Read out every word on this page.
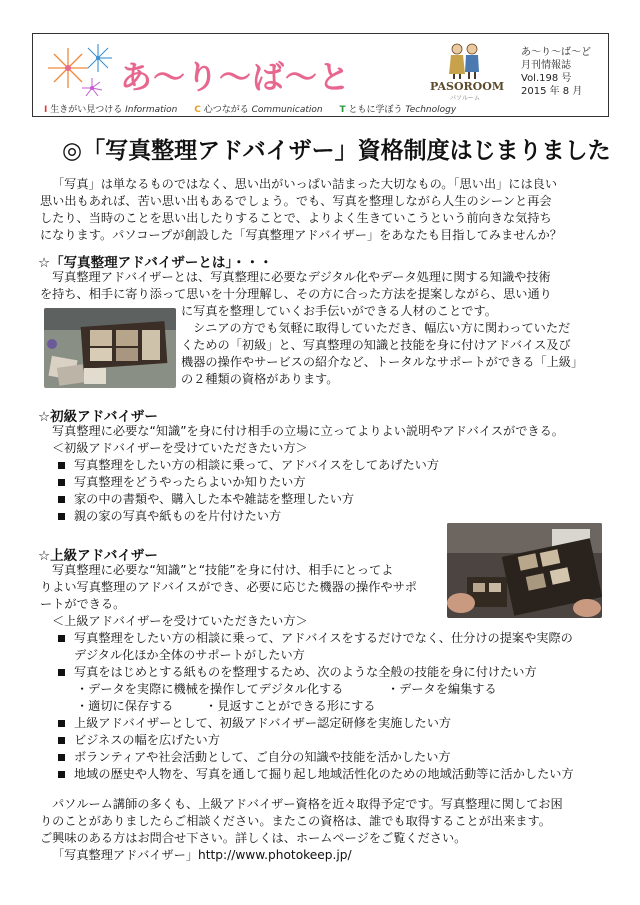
あ〜り〜ば〜と
I 生きがい見つける Information C 心つながる Communication T ともに学ぼう Technology
PASOROOM
パソルーム
あ〜り〜ば〜ど
月刊情報誌
Vol.198 号
2015 年 8 月
◎「写真整理アドバイザー」資格制度はじまりました
「写真」は単なるものではなく、思い出がいっぱい詰まった大切なもの。「思い出」には良い
思い出もあれば、苦い思い出もあるでしょう。でも、写真を整理しながら人生のシーンと再会
したり、当時のことを思い出したりすることで、よりよく生きていこうという前向きな気持ち
になります。パソコープが創設した「写真整理アドバイザー」をあなたも目指してみませんか？
☆「写真整理アドバイザーとは」・・・
写真整理アドバイザーとは、写真整理に必要なデジタル化やデータ処理に関する知識や技術
を持ち、相手に寄り添って思いを十分理解し、その方に合った方法を提案しながら、思い通り
に写真を整理していくお手伝いができる人材のことです。
シニアの方でも気軽に取得していただき、幅広い方に関わっていただ
くための「初級」と、写真整理の知識と技能を身に付けアドバイス及び
機器の操作やサービスの紹介など、トータルなサポートができる「上級」
の２種類の資格があります。
☆初級アドバイザー
写真整理に必要な“知識”を身に付け相手の立場に立ってよりよい説明やアドバイスができる。
＜初級アドバイザーを受けていただきたい方＞
写真整理をしたい方の相談に乗って、アドバイスをしてあげたい方
写真整理をどうやったらよいか知りたい方
家の中の書類や、購入した本や雑誌を整理したい方
親の家の写真や紙ものを片付けたい方
☆上級アドバイザー
写真整理に必要な“知識”と“技能”を身に付け、相手にとってよ
りよい写真整理のアドバイスができ、必要に応じた機器の操作やサポ
ートができる。
＜上級アドバイザーを受けていただきたい方＞
写真整理をしたい方の相談に乗って、アドバイスをするだけでなく、仕分けの提案や実際の
デジタル化ほか全体のサポートがしたい方
写真をはじめとする紙ものを整理するため、次のような全般の技能を身に付けたい方
・データを実際に機械を操作してデジタル化する	・データを編集する
・適切に保存する	・見返すことができる形にする
上級アドバイザーとして、初級アドバイザー認定研修を実施したい方
ビジネスの幅を広げたい方
ボランティアや社会活動として、ご自分の知識や技能を活かしたい方
地域の歴史や人物を、写真を通して掘り起し地域活性化のための地域活動等に活かしたい方
パソルーム講師の多くも、上級アドバイザー資格を近々取得予定です。写真整理に関してお困
りのことがありましたらご相談ください。またこの資格は、誰でも取得することが出来ます。
ご興味のある方はお問合せ下さい。詳しくは、ホームページをご覧ください。
「写真整理アドバイザー」http://www.photokeep.jp/
